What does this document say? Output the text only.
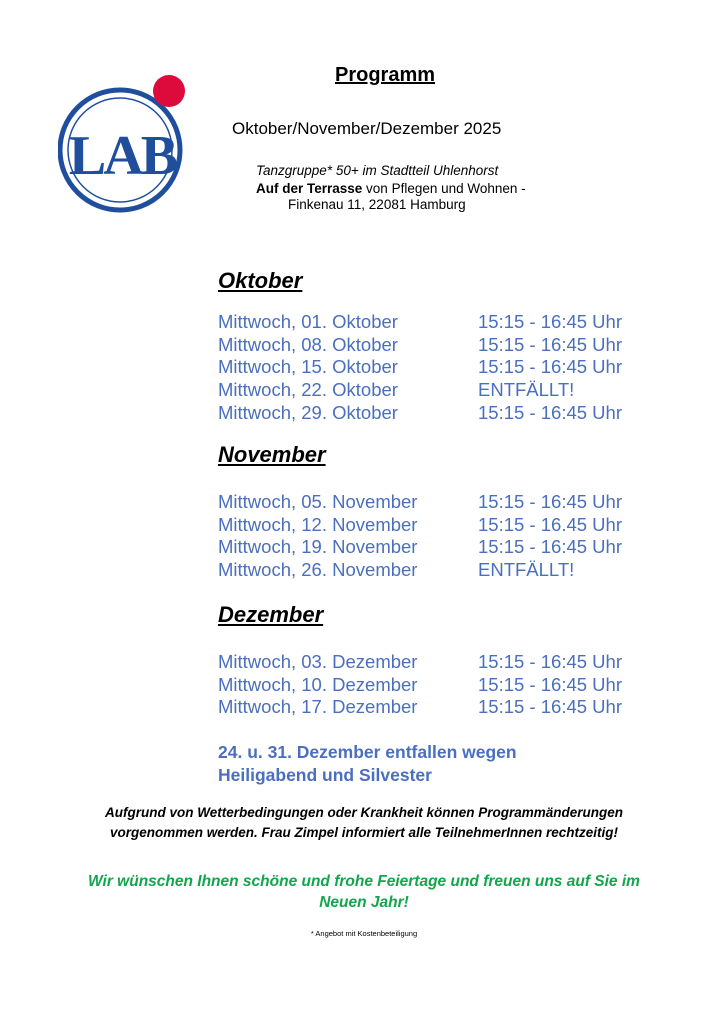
LAB
Programm
Oktober/November/Dezember 2025
Tanzgruppe* 50+ im Stadtteil Uhlenhorst
Auf der Terrasse von Pflegen und Wohnen -
Finkenau 11, 22081 Hamburg
Oktober
Mittwoch, 01. Oktober	15:15 - 16:45 Uhr
Mittwoch, 08. Oktober	15:15 - 16:45 Uhr
Mittwoch, 15. Oktober	15:15 - 16:45 Uhr
Mittwoch, 22. Oktober	ENTFÄLLT!
Mittwoch, 29. Oktober	15:15 - 16:45 Uhr
November
Mittwoch, 05. November	15:15 - 16:45 Uhr
Mittwoch, 12. November	15:15 - 16.45 Uhr
Mittwoch, 19. November	15:15 - 16:45 Uhr
Mittwoch, 26. November	ENTFÄLLT!
Dezember
Mittwoch, 03. Dezember	15:15 - 16:45 Uhr
Mittwoch, 10. Dezember	15:15 - 16:45 Uhr
Mittwoch, 17. Dezember	15:15 - 16:45 Uhr
24. u. 31. Dezember entfallen wegen
Heiligabend und Silvester
Aufgrund von Wetterbedingungen oder Krankheit können Programmänderungen
vorgenommen werden. Frau Zimpel informiert alle TeilnehmerInnen rechtzeitig!
Wir wünschen Ihnen schöne und frohe Feiertage und freuen uns auf Sie im
Neuen Jahr!
* Angebot mit Kostenbeteiligung
